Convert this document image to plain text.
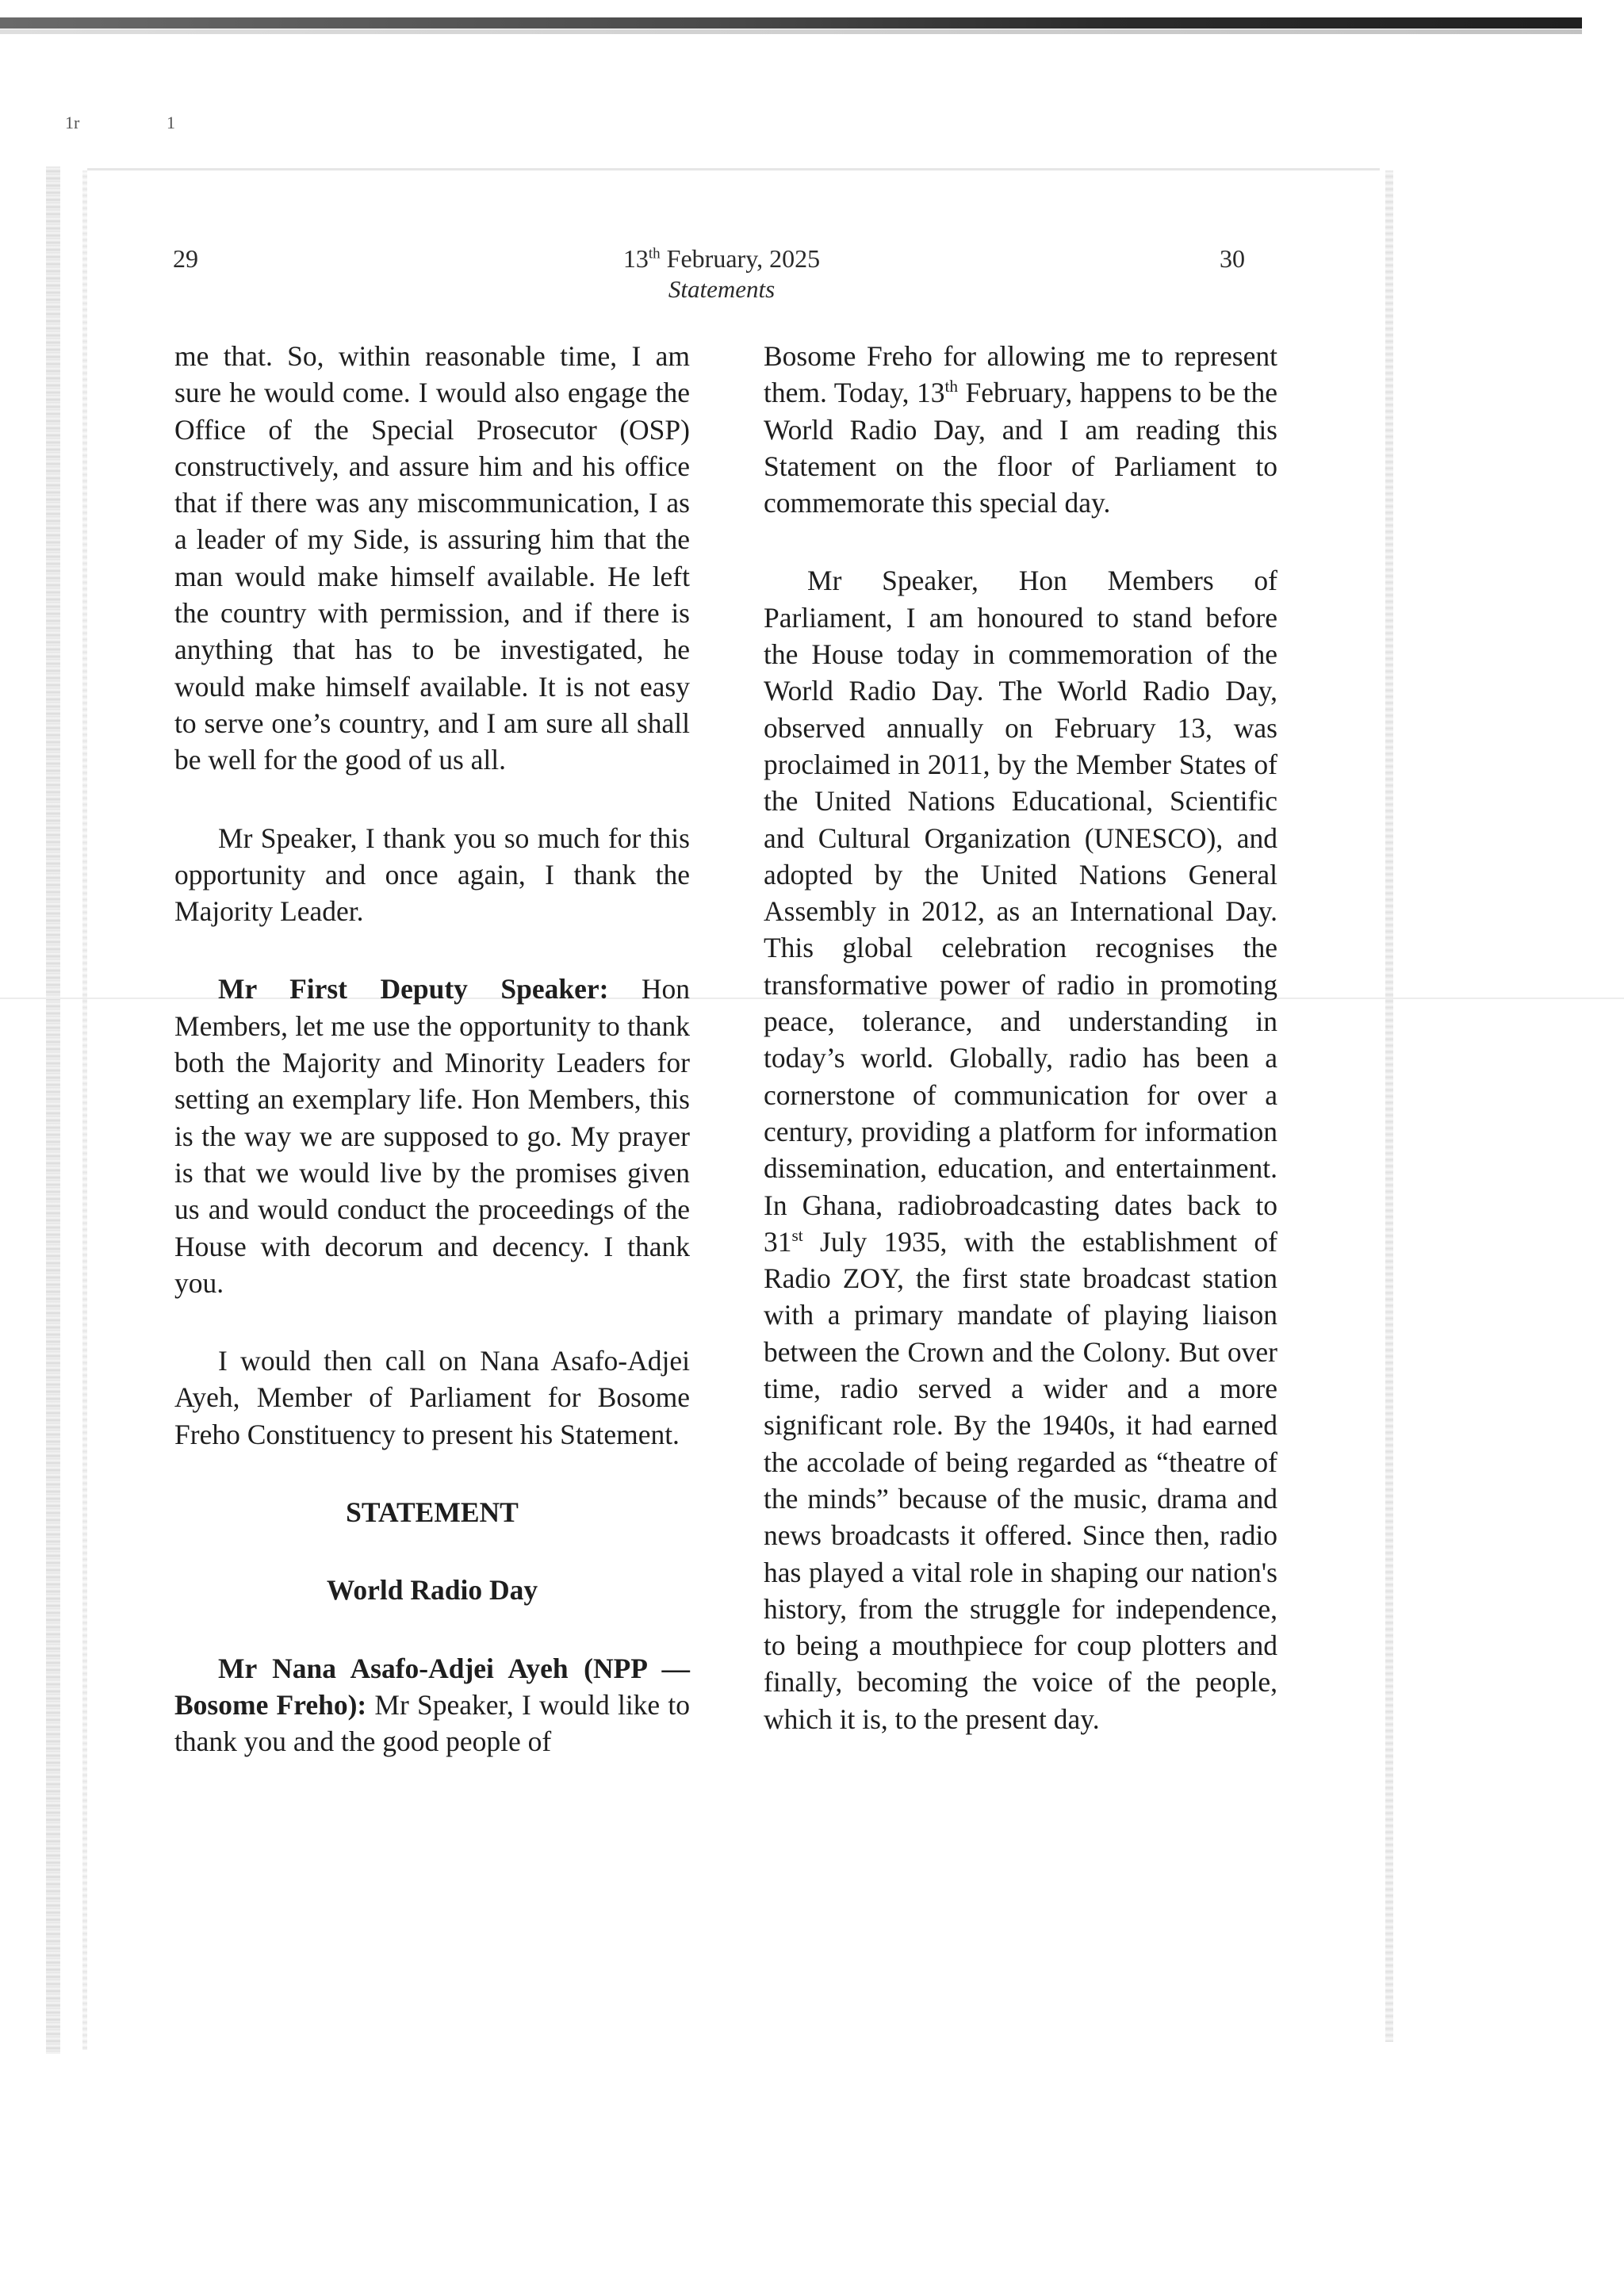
1r	1
29	13th February, 2025
Statements
30

me that. So, within reasonable time, I am sure he would come. I would also engage the Office of the Special Prosecutor (OSP) constructively, and assure him and his office that if there was any miscommunication, I as a leader of my Side, is assuring him that the man would make himself available. He left the country with permission, and if there is anything that has to be investigated, he would make himself available. It is not easy to serve one’s country, and I am sure all shall be well for the good of us all.

Mr Speaker, I thank you so much for this opportunity and once again, I thank the Majority Leader.

Mr First Deputy Speaker: Hon Members, let me use the opportunity to thank both the Majority and Minority Leaders for setting an exemplary life. Hon Members, this is the way we are supposed to go. My prayer is that we would live by the promises given us and would conduct the proceedings of the House with decorum and decency. I thank you.

I would then call on Nana Asafo-Adjei Ayeh, Member of Parliament for Bosome Freho Constituency to present his Statement.

STATEMENT

World Radio Day

Mr Nana Asafo-Adjei Ayeh (NPP — Bosome Freho): Mr Speaker, I would like to thank you and the good people of

Bosome Freho for allowing me to represent them. Today, 13th February, happens to be the World Radio Day, and I am reading this Statement on the floor of Parliament to commemorate this special day.

Mr Speaker, Hon Members of Parliament, I am honoured to stand before the House today in commemoration of the World Radio Day. The World Radio Day, observed annually on February 13, was proclaimed in 2011, by the Member States of the United Nations Educational, Scientific and Cultural Organization (UNESCO), and adopted by the United Nations General Assembly in 2012, as an International Day. This global celebration recognises the transformative power of radio in promoting peace, tolerance, and understanding in today’s world. Globally, radio has been a cornerstone of communication for over a century, providing a platform for information dissemination, education, and entertainment. In Ghana, radiobroadcasting dates back to 31st July 1935, with the establishment of Radio ZOY, the first state broadcast station with a primary mandate of playing liaison between the Crown and the Colony. But over time, radio served a wider and a more significant role. By the 1940s, it had earned the accolade of being regarded as “theatre of the minds” because of the music, drama and news broadcasts it offered. Since then, radio has played a vital role in shaping our nation's history, from the struggle for independence, to being a mouthpiece for coup plotters and finally, becoming the voice of the people, which it is, to the present day.
